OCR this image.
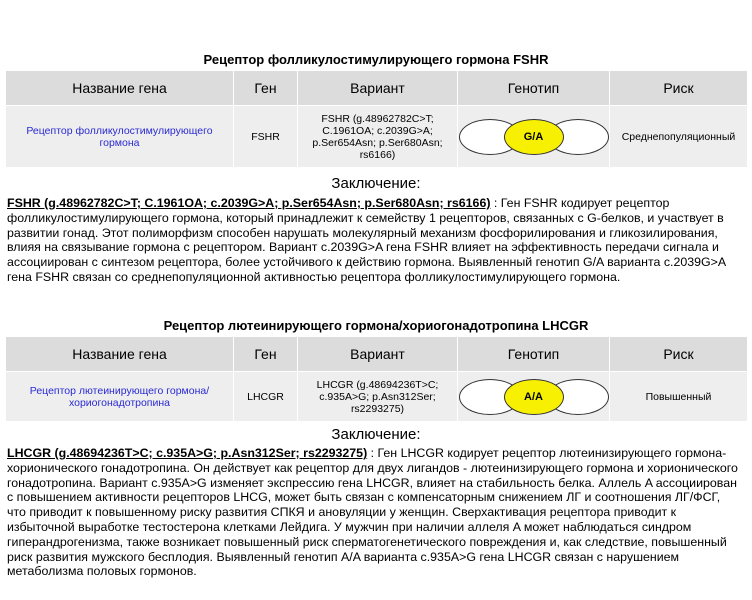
Рецептор фолликулостимулирующего гормона FSHR
Название гена	Ген	Вариант	Генотип	Риск
Рецептор фолликулостимулирующего гормона	FSHR	FSHR (g.48962782C>T; C.1961OA; c.2039G>A; p.Ser654Asn; p.Ser680Asn; rs6166)	G/A	Среднепопуляционный
Заключение:

FSHR (g.48962782C>T; C.1961OA; c.2039G>A; p.Ser654Asn; p.Ser680Asn; rs6166) : Ген FSHR кодирует рецептор фолликулостимулирующего гормона, который принадлежит к семейству 1 рецепторов, связанных с G-белков, и участвует в развитии гонад. Этот полиморфизм способен нарушать молекулярный механизм фосфорилирования и гликозилирования, влияя на связывание гормона с рецептором. Вариант c.2039G>A гена FSHR влияет на эффективность передачи сигнала и ассоциирован с синтезом рецептора, более устойчивого к действию гормона. Выявленный генотип G/A варианта c.2039G>A гена FSHR связан со среднепопуляционной активностью рецептора фолликулостимулирующего гормона.

Рецептор лютеинирующего гормона/хориогонадотропина LHCGR
Название гена	Ген	Вариант	Генотип	Риск
Рецептор лютеинирующего гормона/хориогонадотропина	LHCGR	LHCGR (g.48694236T>C; c.935A>G; p.Asn312Ser; rs2293275)	A/A	Повышенный
Заключение:

LHCGR (g.48694236T>C; c.935A>G; p.Asn312Ser; rs2293275) : Ген LHCGR кодирует рецептор лютеинизирующего гормона-хорионического гонадотропина. Он действует как рецептор для двух лигандов - лютеинизирующего гормона и хорионического гонадотропина. Вариант c.935A>G изменяет экспрессию гена LHCGR, влияет на стабильность белка. Аллель A ассоциирован с повышением активности рецепторов LHCG, может быть связан с компенсаторным снижением ЛГ и соотношения ЛГ/ФСГ, что приводит к повышенному риску развития СПКЯ и ановуляции у женщин. Сверхактивация рецептора приводит к избыточной выработке тестостерона клетками Лейдига. У мужчин при наличии аллеля A может наблюдаться синдром гиперандрогенизма, также возникает повышенный риск сперматогенетического повреждения и, как следствие, повышенный риск развития мужского бесплодия. Выявленный генотип A/A варианта c.935A>G гена LHCGR связан с нарушением метаболизма половых гормонов.
